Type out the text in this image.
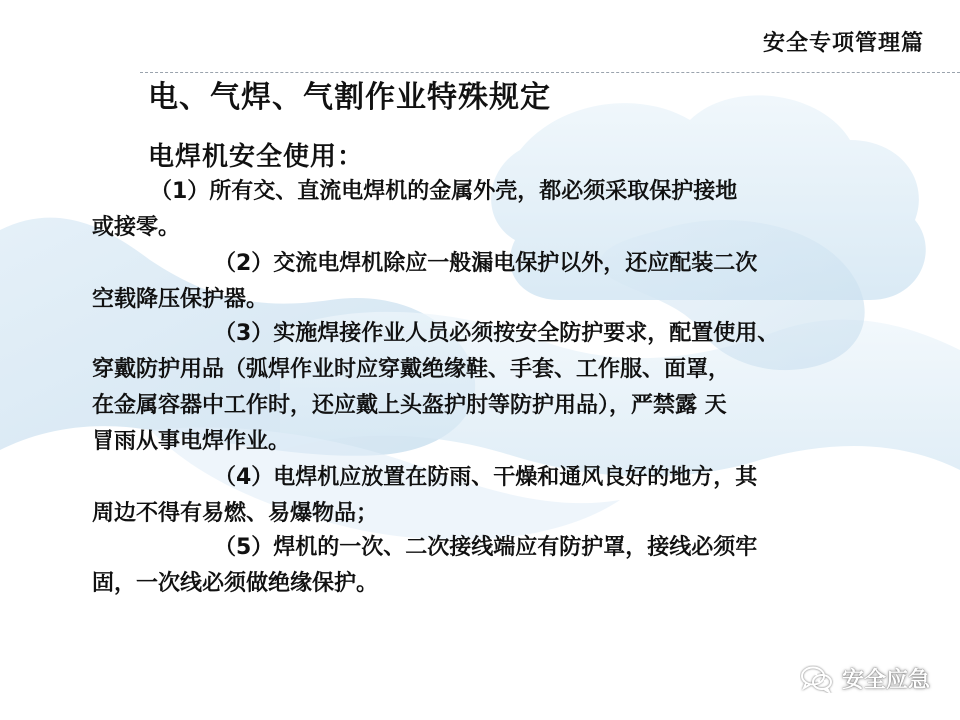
安全专项管理篇
电、气焊、气割作业特殊规定
电焊机安全使用：
（1）所有交、直流电焊机的金属外壳，都必须采取保护接地
或接零。
（2）交流电焊机除应一般漏电保护以外，还应配装二次
空载降压保护器。
（3）实施焊接作业人员必须按安全防护要求，配置使用、
穿戴防护用品（弧焊作业时应穿戴绝缘鞋、手套、工作服、面罩，
在金属容器中工作时，还应戴上头盔护肘等防护用品），严禁露 天
冒雨从事电焊作业。
（4）电焊机应放置在防雨、干燥和通风良好的地方，其
周边不得有易燃、易爆物品；
（5）焊机的一次、二次接线端应有防护罩，接线必须牢
固，一次线必须做绝缘保护。
安全应急
